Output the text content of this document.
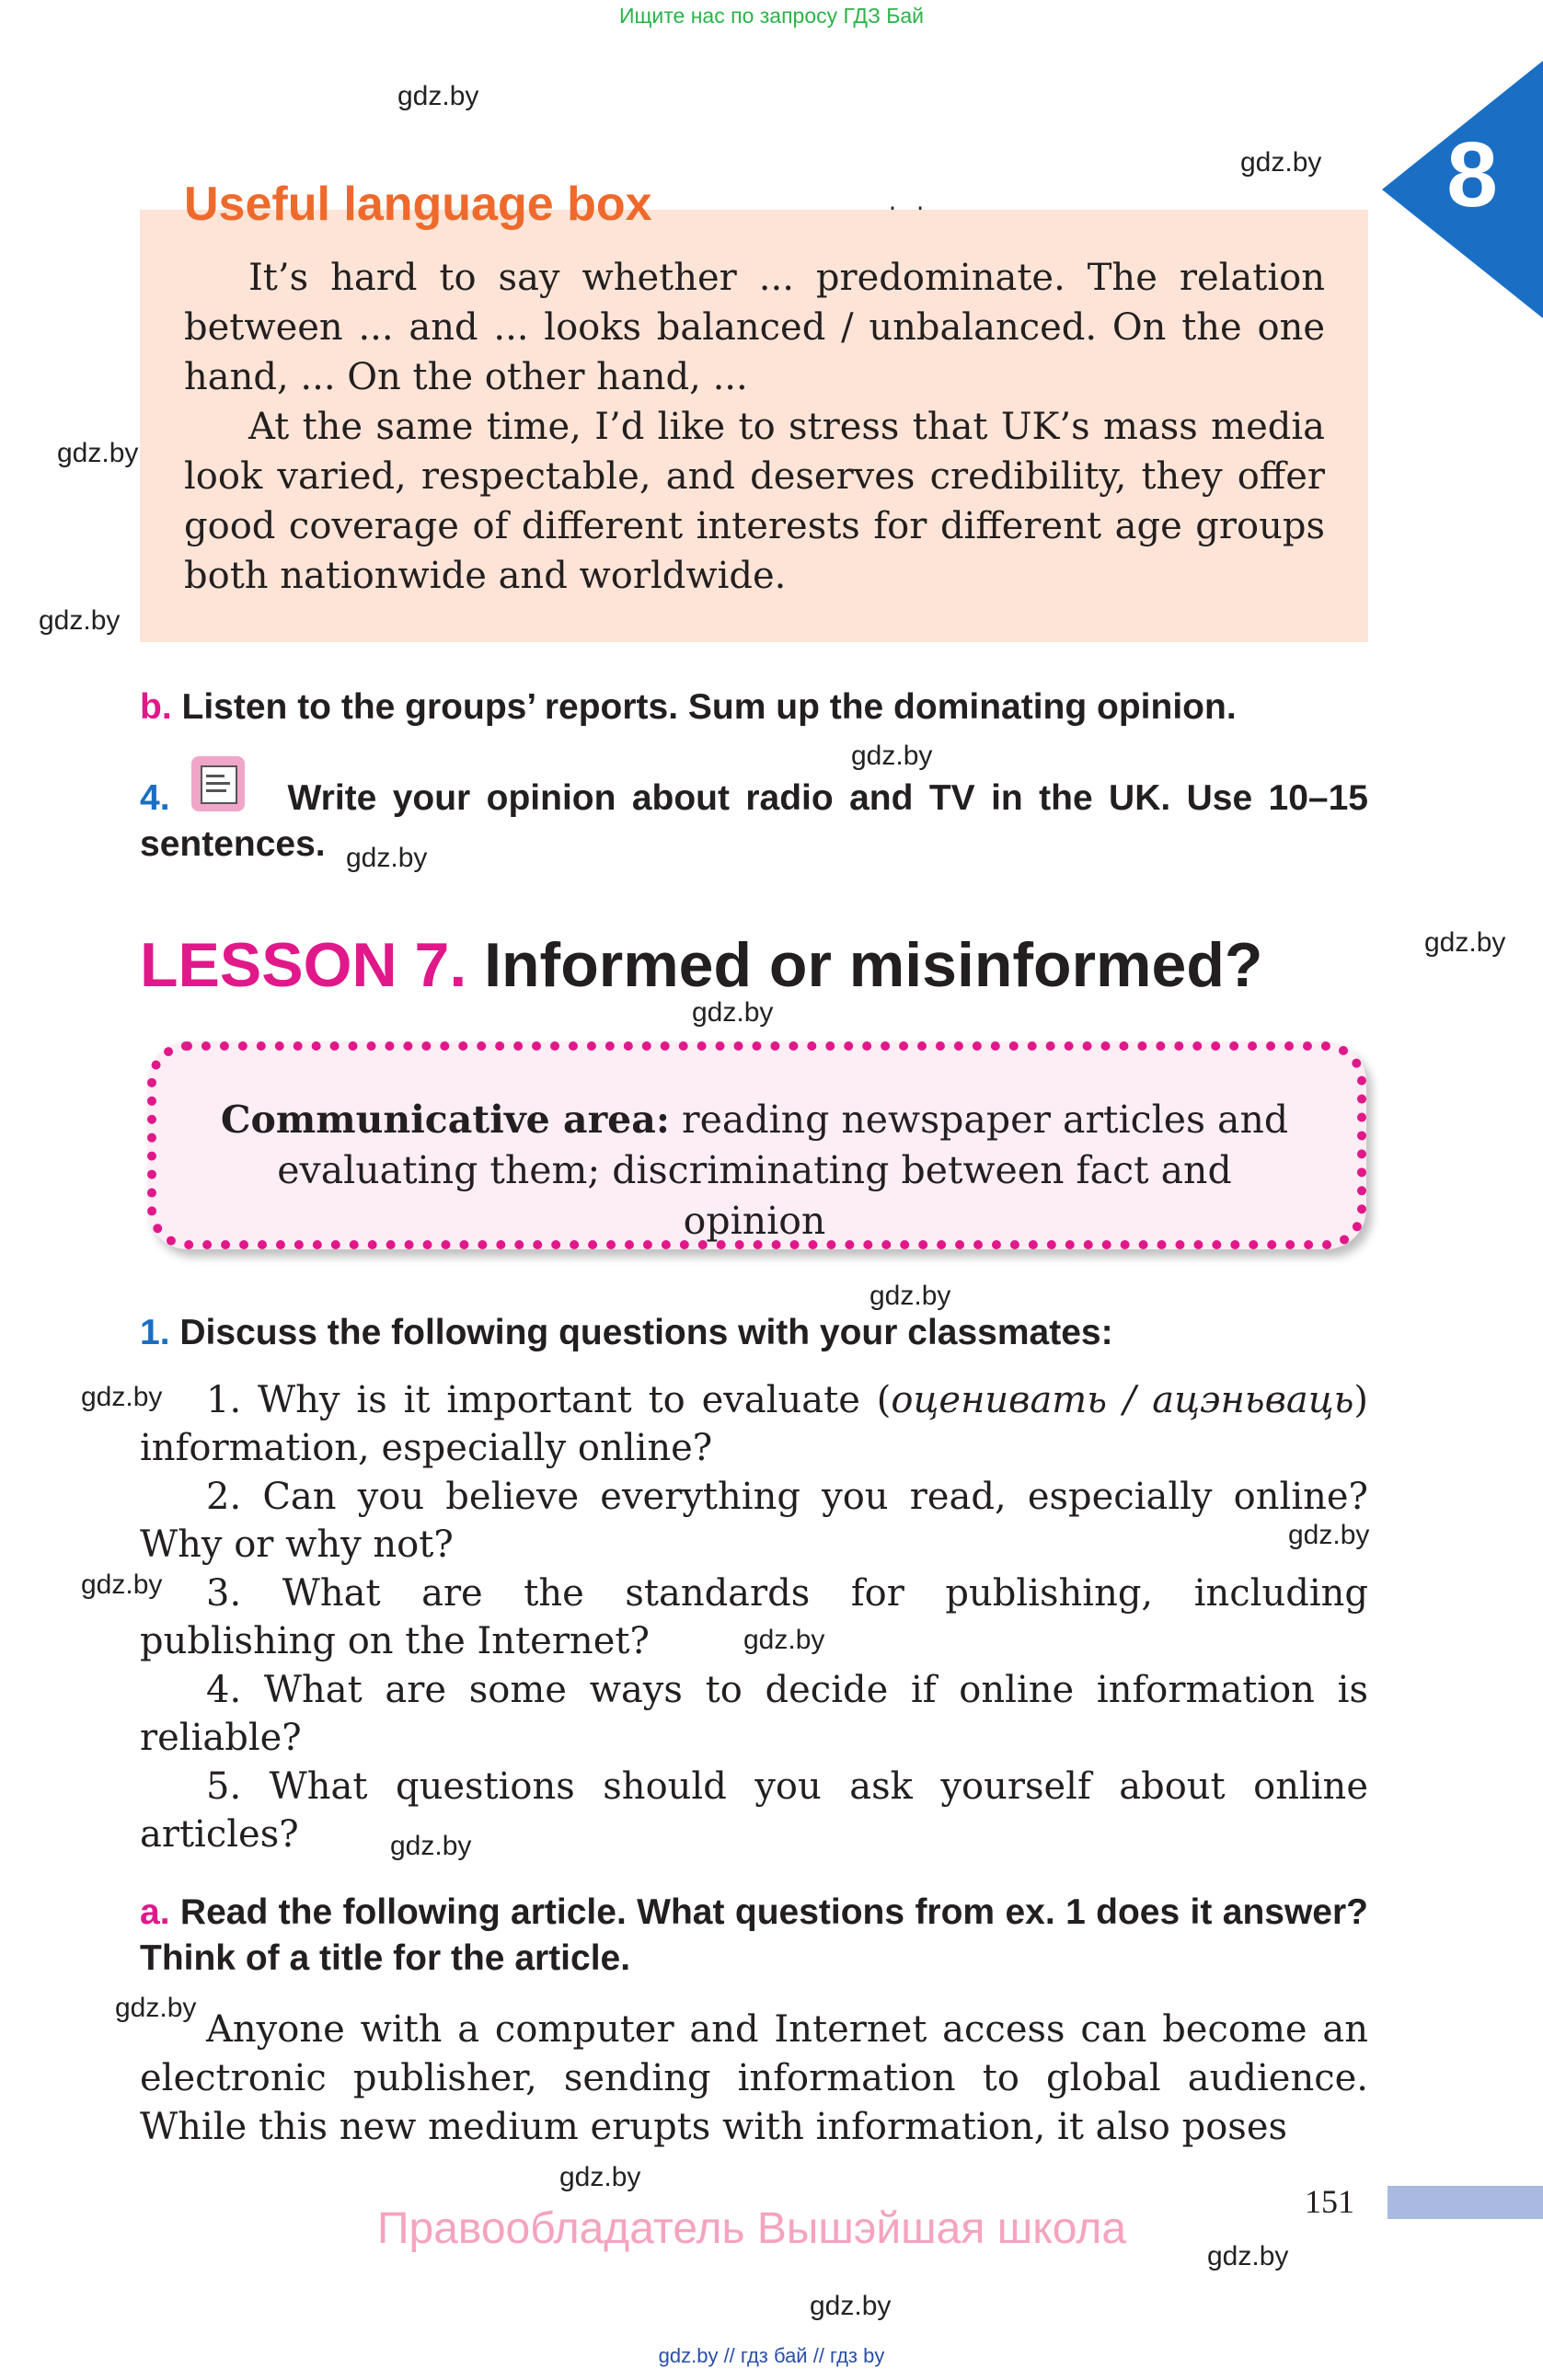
Ищите нас по запросу ГДЗ Бай
gdz.by
gdz.by
gdz.by
gdz.by
gdz.by
gdz.by
gdz.by
gdz.by
gdz.by
gdz.by
gdz.by
gdz.by
gdz.by
gdz.by
gdz.by
gdz.by
gdz.by
gdz.by
8
Useful language box

It’s hard to say whether ... predominate. The relation between ... and ... looks balanced / unbalanced. On the one hand, ... On the other hand, ...

At the same time, I’d like to stress that UK’s mass media look varied, respectable, and deserves credibility, they offer good coverage of different interests for different age groups both nationwide and worldwide.

b. Listen to the groups’ reports. Sum up the dominating opinion.
4.	Write your opinion about radio and TV in the UK. Use 10–15 sentences.
LESSON 7. Informed or misinformed?
Communicative area: reading newspaper articles and evaluating them; discriminating between fact and opinion
1. Discuss the following questions with your classmates:
1. Why is it important to evaluate (оценивать / ацэньваць) information, especially online?
2. Can you believe everything you read, especially online? Why or why not?
3. What are the standards for publishing, including publishing on the Internet?
4. What are some ways to decide if online information is reliable?
5. What questions should you ask yourself about online articles?
a. Read the following article. What questions from ex. 1 does it answer? Think of a title for the article.
Anyone with a computer and Internet access can become an electronic publisher, sending information to global audience. While this new medium erupts with information, it also poses
151
Правообладатель Вышэйшая школа
gdz.by // гдз бай // гдз by
